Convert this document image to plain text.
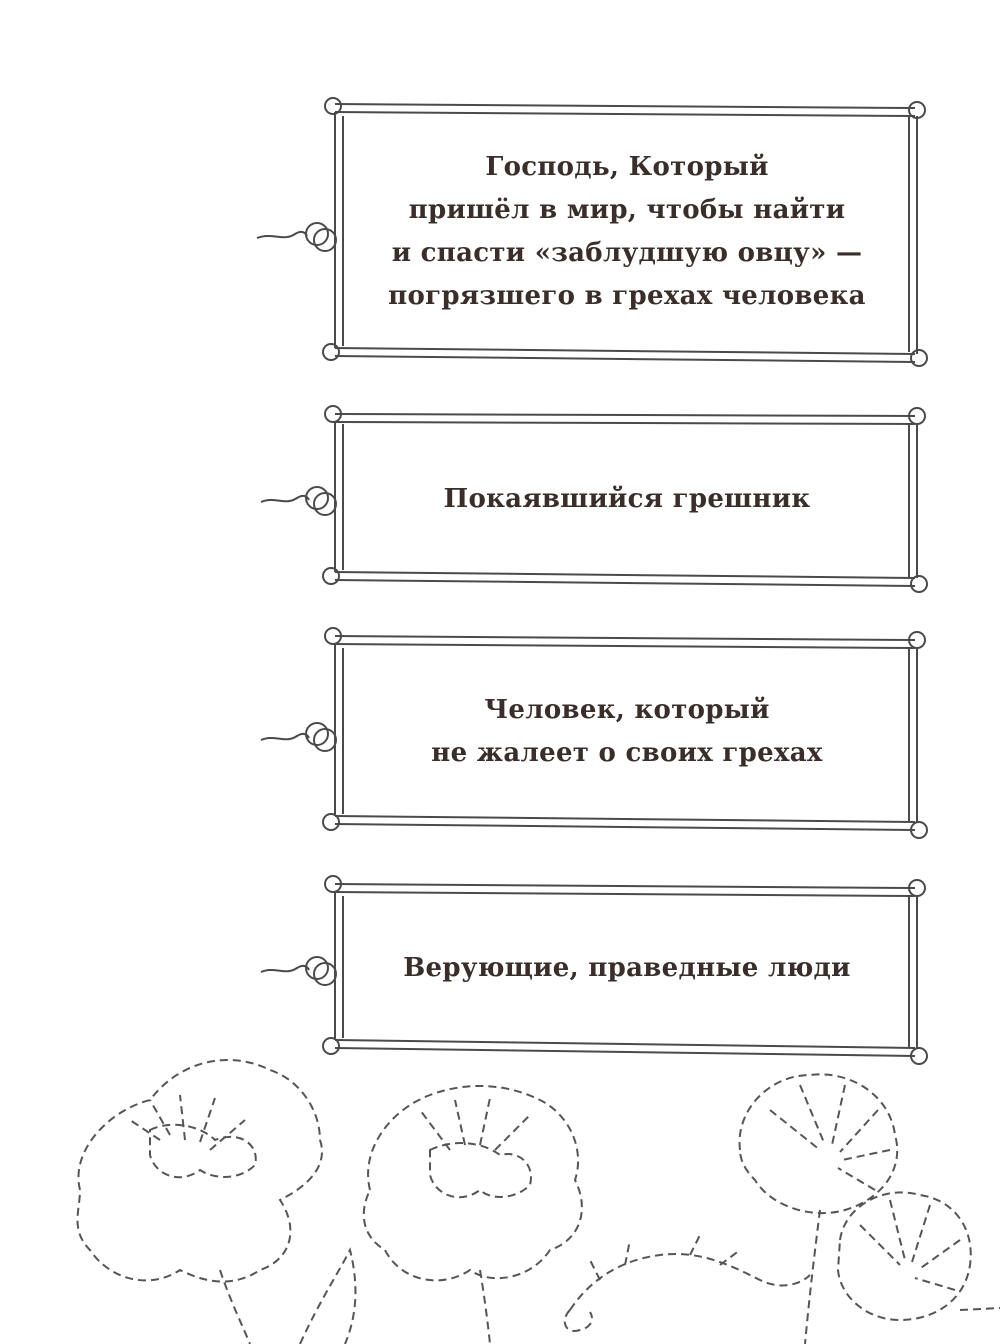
Господь, Который
пришёл в мир, чтобы найти
и спасти «заблудшую овцу» —
погрязшего в грехах человека
Покаявшийся грешник
Человек, который
не жалеет о своих грехах
Верующие, праведные люди
